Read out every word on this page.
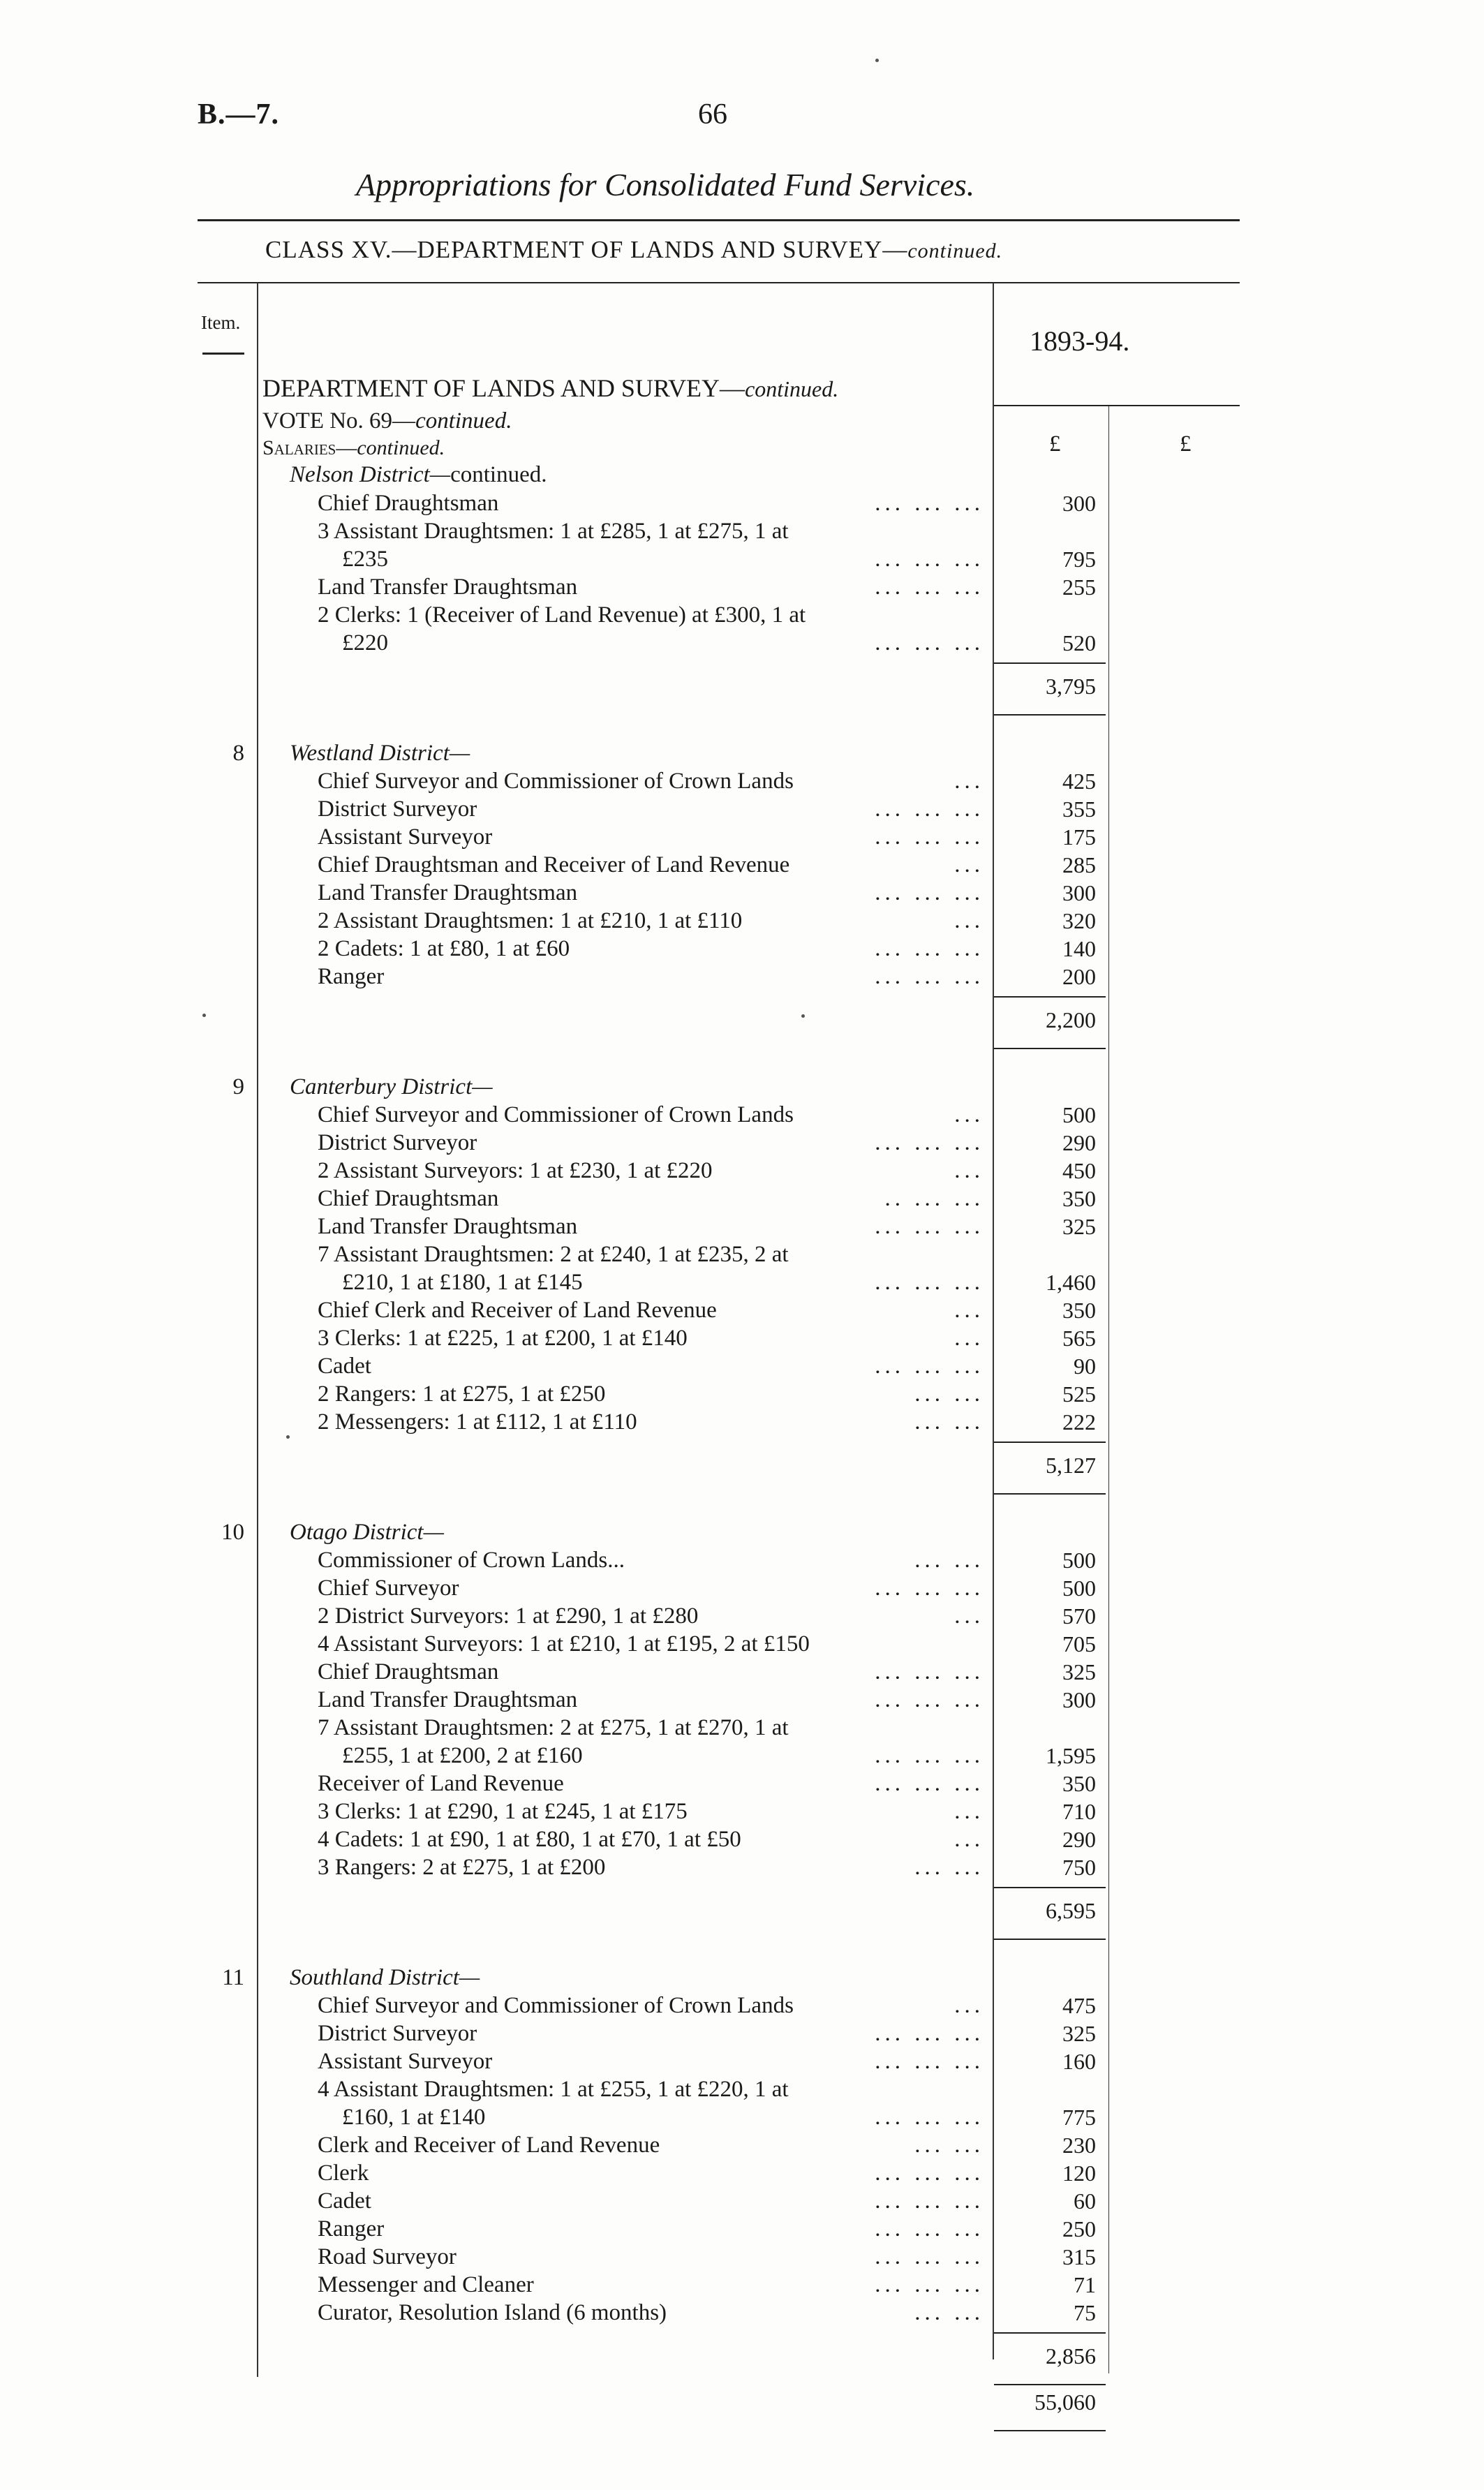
B.—7.	66
Appropriations for Consolidated Fund Services.
CLASS XV.—DEPARTMENT OF LANDS AND SURVEY—continued.
Item.
1893-94.
£	£
DEPARTMENT OF LANDS AND SURVEY—continued.
VOTE No. 69—continued.
Salaries—continued.
Nelson District—continued.
Chief Draughtsman	... ... ...	300
3 Assistant Draughtsmen: 1 at £285, 1 at £275, 1 at
£235	... ... ...	795
Land Transfer Draughtsman	... ... ...	255
2 Clerks: 1 (Receiver of Land Revenue) at £300, 1 at
£220	... ... ...	520
3,795
8 Westland District—
Chief Surveyor and Commissioner of Crown Lands	...	425
District Surveyor	... ... ...	355
Assistant Surveyor	... ... ...	175
Chief Draughtsman and Receiver of Land Revenue	...	285
Land Transfer Draughtsman	... ... ...	300
2 Assistant Draughtsmen: 1 at £210, 1 at £110	...	320
2 Cadets: 1 at £80, 1 at £60	... ... ...	140
Ranger	... ... ...	200
2,200
9 Canterbury District—
Chief Surveyor and Commissioner of Crown Lands	...	500
District Surveyor	... ... ...	290
2 Assistant Surveyors: 1 at £230, 1 at £220	...	450
Chief Draughtsman	.. ... ...	350
Land Transfer Draughtsman	... ... ...	325
7 Assistant Draughtsmen: 2 at £240, 1 at £235, 2 at
£210, 1 at £180, 1 at £145	... ... ...	1,460
Chief Clerk and Receiver of Land Revenue	...	350
3 Clerks: 1 at £225, 1 at £200, 1 at £140	...	565
Cadet	... ... ...	90
2 Rangers: 1 at £275, 1 at £250	... ...	525
2 Messengers: 1 at £112, 1 at £110	... ...	222
5,127
10 Otago District—
Commissioner of Crown Lands...	... ...	500
Chief Surveyor	... ... ...	500
2 District Surveyors: 1 at £290, 1 at £280	...	570
4 Assistant Surveyors: 1 at £210, 1 at £195, 2 at £150	705
Chief Draughtsman	... ... ...	325
Land Transfer Draughtsman	... ... ...	300
7 Assistant Draughtsmen: 2 at £275, 1 at £270, 1 at
£255, 1 at £200, 2 at £160	... ... ...	1,595
Receiver of Land Revenue	... ... ...	350
3 Clerks: 1 at £290, 1 at £245, 1 at £175	...	710
4 Cadets: 1 at £90, 1 at £80, 1 at £70, 1 at £50	...	290
3 Rangers: 2 at £275, 1 at £200	... ...	750
6,595
11 Southland District—
Chief Surveyor and Commissioner of Crown Lands	...	475
District Surveyor	... ... ...	325
Assistant Surveyor	... ... ...	160
4 Assistant Draughtsmen: 1 at £255, 1 at £220, 1 at
£160, 1 at £140	... ... ...	775
Clerk and Receiver of Land Revenue	... ...	230
Clerk	... ... ...	120
Cadet	... ... ...	60
Ranger	... ... ...	250
Road Surveyor	... ... ...	315
Messenger and Cleaner	... ... ...	71
Curator, Resolution Island (6 months)	... ...	75
2,856
55,060
